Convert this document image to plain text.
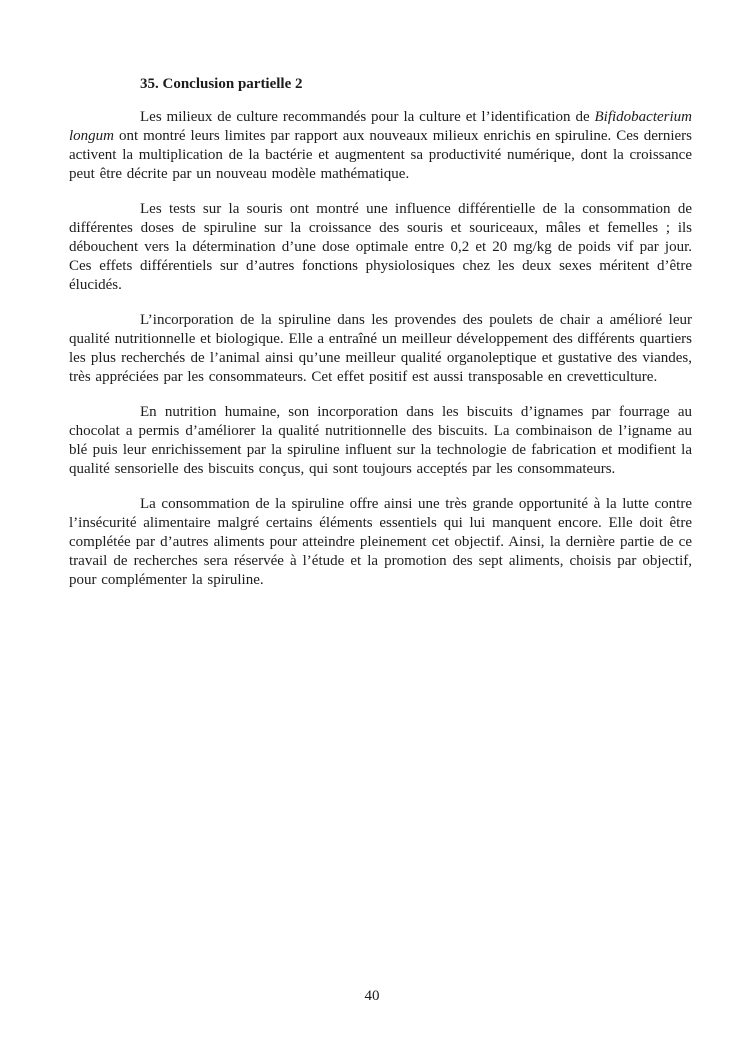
35. Conclusion partielle 2

Les milieux de culture recommandés pour la culture et l’identification de Bifidobacterium longum ont montré leurs limites par rapport aux nouveaux milieux enrichis en spiruline. Ces derniers activent la multiplication de la bactérie et augmentent sa productivité numérique, dont la croissance peut être décrite par un nouveau modèle mathématique.

Les tests sur la souris ont montré une influence différentielle de la consommation de différentes doses de spiruline sur la croissance des souris et souriceaux, mâles et femelles ; ils débouchent vers la détermination d’une dose optimale entre 0,2 et 20 mg/kg de poids vif par jour. Ces effets différentiels sur d’autres fonctions physiolosiques chez les deux sexes méritent d’être élucidés.

L’incorporation de la spiruline dans les provendes des poulets de chair a amélioré leur qualité nutritionnelle et biologique. Elle a entraîné un meilleur développement des différents quartiers les plus recherchés de l’animal ainsi qu’une meilleur qualité organoleptique et gustative des viandes, très appréciées par les consommateurs. Cet effet positif est aussi transposable en crevetticulture.

En nutrition humaine, son incorporation dans les biscuits d’ignames par fourrage au chocolat a permis d’améliorer la qualité nutritionnelle des biscuits. La combinaison de l’igname au blé puis leur enrichissement par la spiruline influent sur la technologie de fabrication et modifient la qualité sensorielle des biscuits conçus, qui sont toujours acceptés par les consommateurs.

La consommation de la spiruline offre ainsi une très grande opportunité à la lutte contre l’insécurité alimentaire malgré certains éléments essentiels qui lui manquent encore. Elle doit être complétée par d’autres aliments pour atteindre pleinement cet objectif. Ainsi, la dernière partie de ce travail de recherches sera réservée à l’étude et la promotion des sept aliments, choisis par objectif, pour complémenter la spiruline.

40
